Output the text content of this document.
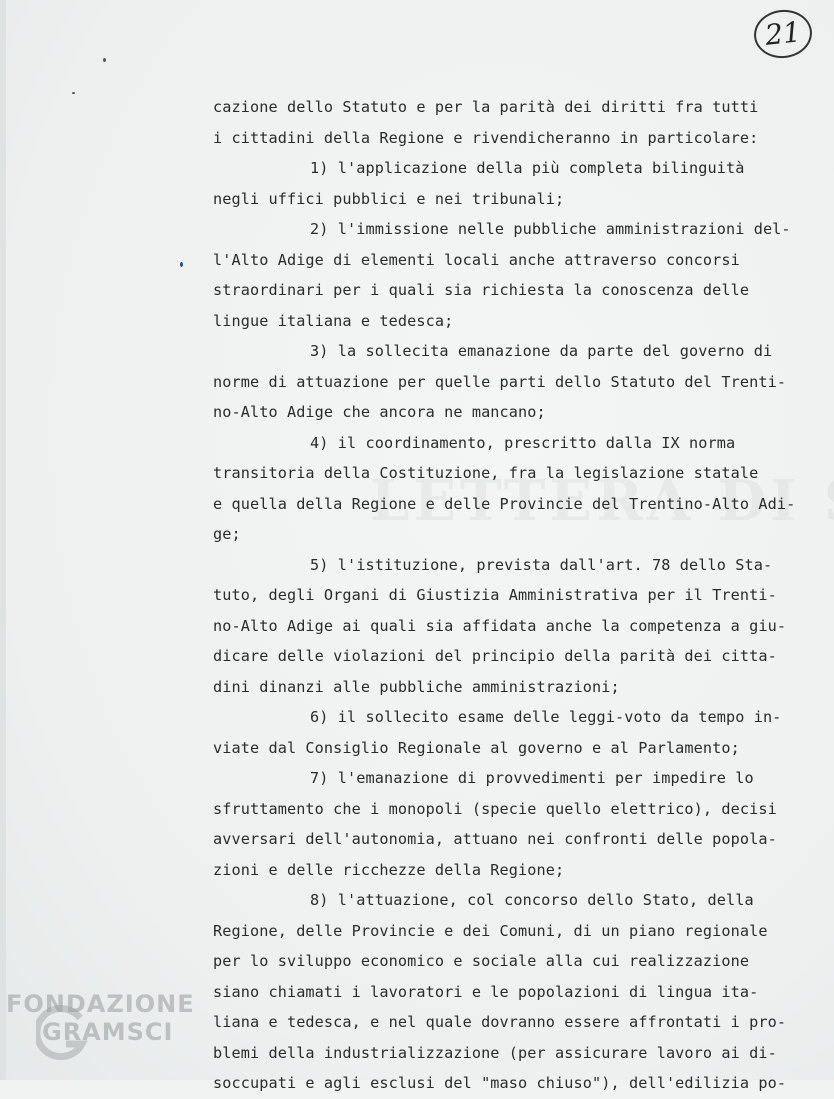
21
cazione dello Statuto e per la parità dei diritti fra tutti
i cittadini della Regione e rivendicheranno in particolare:
1) l'applicazione della più completa bilinguità
negli uffici pubblici e nei tribunali;
2) l'immissione nelle pubbliche amministrazioni del-
l'Alto Adige di elementi locali anche attraverso concorsi
straordinari per i quali sia richiesta la conoscenza delle
lingue italiana e tedesca;
3) la sollecita emanazione da parte del governo di
norme di attuazione per quelle parti dello Statuto del Trenti-
no-Alto Adige che ancora ne mancano;
4) il coordinamento, prescritto dalla IX norma
transitoria della Costituzione, fra la legislazione statale
e quella della Regione e delle Provincie del Trentino-Alto Adi-
ge;
5) l'istituzione, prevista dall'art. 78 dello Sta-
tuto, degli Organi di Giustizia Amministrativa per il Trenti-
no-Alto Adige ai quali sia affidata anche la competenza a giu-
dicare delle violazioni del principio della parità dei citta-
dini dinanzi alle pubbliche amministrazioni;
6) il sollecito esame delle leggi-voto da tempo in-
viate dal Consiglio Regionale al governo e al Parlamento;
7) l'emanazione di provvedimenti per impedire lo
sfruttamento che i monopoli (specie quello elettrico), decisi
avversari dell'autonomia, attuano nei confronti delle popola-
zioni e delle ricchezze della Regione;
8) l'attuazione, col concorso dello Stato, della
Regione, delle Provincie e dei Comuni, di un piano regionale
per lo sviluppo economico e sociale alla cui realizzazione
siano chiamati i lavoratori e le popolazioni di lingua ita-
liana e tedesca, e nel quale dovranno essere affrontati i pro-
blemi della industrializzazione (per assicurare lavoro ai di-
soccupati e agli esclusi del "maso chiuso"), dell'edilizia po-
FONDAZIONE
GRAMSCI
